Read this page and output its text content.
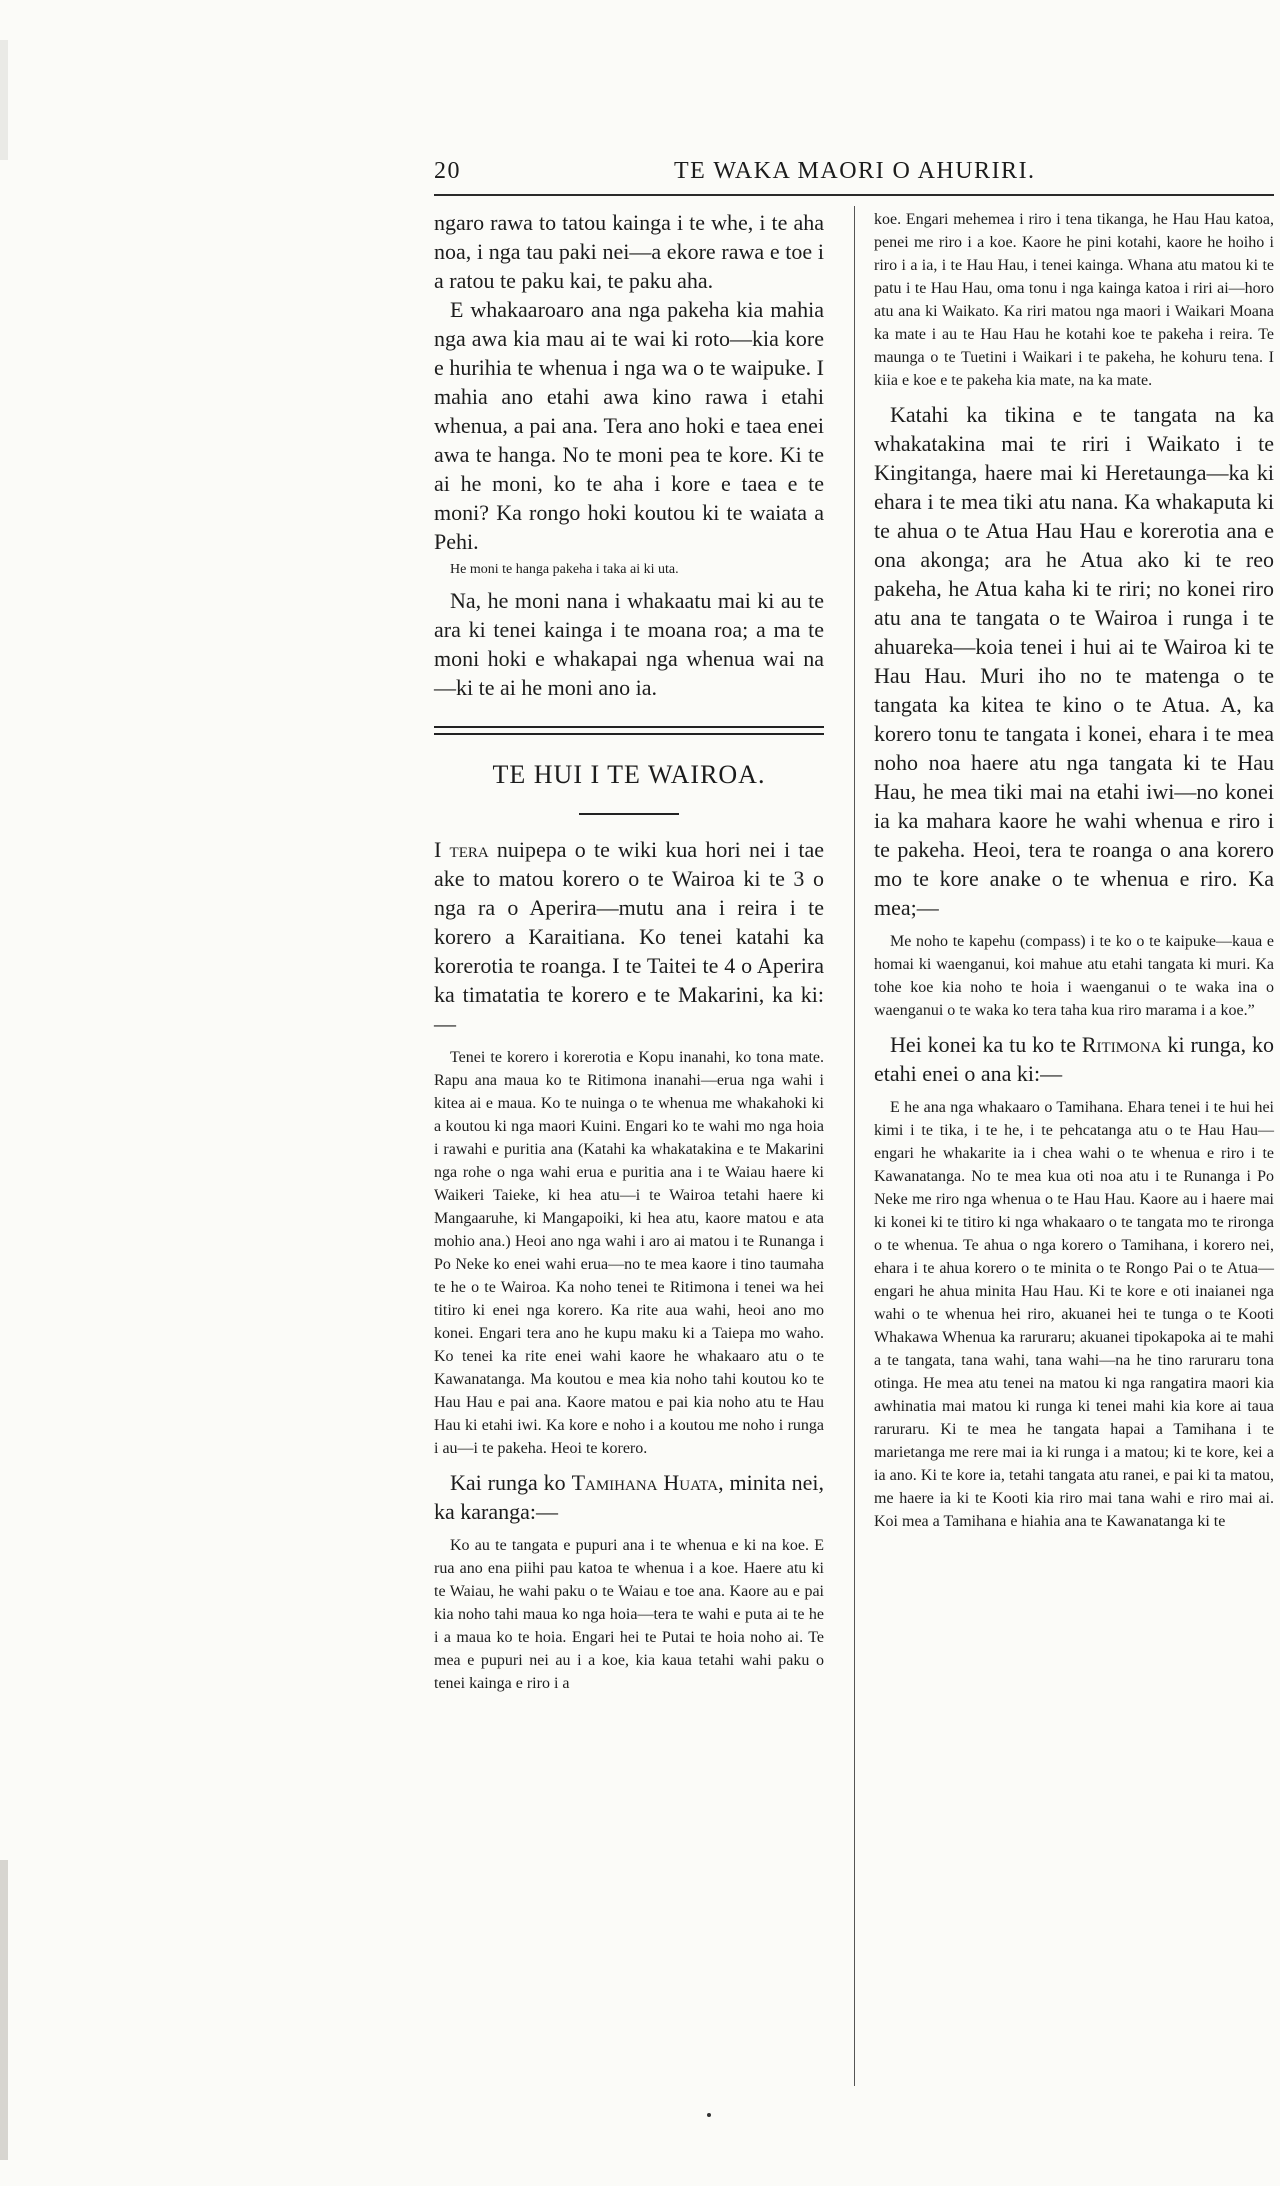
20	TE WAKA MAORI O AHURIRI.

ngaro rawa to tatou kainga i te whe, i te aha noa, i nga tau paki nei—a ekore rawa e toe i a ratou te paku kai, te paku aha.

E whakaaroaro ana nga pakeha kia mahia nga awa kia mau ai te wai ki roto—kia kore e hurihia te whenua i nga wa o te waipuke. I mahia ano etahi awa kino rawa i etahi whenua, a pai ana. Tera ano hoki e taea enei awa te hanga. No te moni pea te kore. Ki te ai he moni, ko te aha i kore e taea e te moni? Ka rongo hoki koutou ki te waiata a Pehi.

He moni te hanga pakeha i taka ai ki uta.

Na, he moni nana i whakaatu mai ki au te ara ki tenei kainga i te moana roa; a ma te moni hoki e whakapai nga whenua wai na—ki te ai he moni ano ia.

TE HUI I TE WAIROA.

I tera nuipepa o te wiki kua hori nei i tae ake to matou korero o te Wairoa ki te 3 o nga ra o Aperira—mutu ana i reira i te korero a Karaitiana. Ko tenei katahi ka korerotia te roanga. I te Taitei te 4 o Aperira ka timatatia te korero e te Makarini, ka ki:—

Tenei te korero i korerotia e Kopu inanahi, ko tona mate. Rapu ana maua ko te Ritimona inanahi—erua nga wahi i kitea ai e maua. Ko te nuinga o te whenua me whakahoki ki a koutou ki nga maori Kuini. Engari ko te wahi mo nga hoia i rawahi e puritia ana (Katahi ka whakatakina e te Makarini nga rohe o nga wahi erua e puritia ana i te Waiau haere ki Waikeri Taieke, ki hea atu—i te Wairoa tetahi haere ki Mangaaruhe, ki Mangapoiki, ki hea atu, kaore matou e ata mohio ana.) Heoi ano nga wahi i aro ai matou i te Runanga i Po Neke ko enei wahi erua—no te mea kaore i tino taumaha te he o te Wairoa. Ka noho tenei te Ritimona i tenei wa hei titiro ki enei nga korero. Ka rite aua wahi, heoi ano mo konei. Engari tera ano he kupu maku ki a Taiepa mo waho. Ko tenei ka rite enei wahi kaore he whakaaro atu o te Kawanatanga. Ma koutou e mea kia noho tahi koutou ko te Hau Hau e pai ana. Kaore matou e pai kia noho atu te Hau Hau ki etahi iwi. Ka kore e noho i a koutou me noho i runga i au—i te pakeha. Heoi te korero.

Kai runga ko Tamihana Huata, minita nei, ka karanga:—

Ko au te tangata e pupuri ana i te whenua e ki na koe. E rua ano ena piihi pau katoa te whenua i a koe. Haere atu ki te Waiau, he wahi paku o te Waiau e toe ana. Kaore au e pai kia noho tahi maua ko nga hoia—tera te wahi e puta ai te he i a maua ko te hoia. Engari hei te Putai te hoia noho ai. Te mea e pupuri nei au i a koe, kia kaua tetahi wahi paku o tenei kainga e riro i a

koe. Engari mehemea i riro i tena tikanga, he Hau Hau katoa, penei me riro i a koe. Kaore he pini kotahi, kaore he hoiho i riro i a ia, i te Hau Hau, i tenei kainga. Whana atu matou ki te patu i te Hau Hau, oma tonu i nga kainga katoa i riri ai—horo atu ana ki Waikato. Ka riri matou nga maori i Waikari Moana ka mate i au te Hau Hau he kotahi koe te pakeha i reira. Te maunga o te Tuetini i Waikari i te pakeha, he kohuru tena. I kiia e koe e te pakeha kia mate, na ka mate.

Katahi ka tikina e te tangata na ka whakatakina mai te riri i Waikato i te Kingitanga, haere mai ki Heretaunga—ka ki ehara i te mea tiki atu nana. Ka whakaputa ki te ahua o te Atua Hau Hau e korerotia ana e ona akonga; ara he Atua ako ki te reo pakeha, he Atua kaha ki te riri; no konei riro atu ana te tangata o te Wairoa i runga i te ahuareka—koia tenei i hui ai te Wairoa ki te Hau Hau. Muri iho no te matenga o te tangata ka kitea te kino o te Atua. A, ka korero tonu te tangata i konei, ehara i te mea noho noa haere atu nga tangata ki te Hau Hau, he mea tiki mai na etahi iwi—no konei ia ka mahara kaore he wahi whenua e riro i te pakeha. Heoi, tera te roanga o ana korero mo te kore anake o te whenua e riro. Ka mea;—

Me noho te kapehu (compass) i te ko o te kaipuke—kaua e homai ki waenganui, koi mahue atu etahi tangata ki muri. Ka tohe koe kia noho te hoia i waenganui o te waka ina o waenganui o te waka ko tera taha kua riro marama i a koe.”

Hei konei ka tu ko te Ritimona ki runga, ko etahi enei o ana ki:—

E he ana nga whakaaro o Tamihana. Ehara tenei i te hui hei kimi i te tika, i te he, i te pehcatanga atu o te Hau Hau—engari he whakarite ia i chea wahi o te whenua e riro i te Kawanatanga. No te mea kua oti noa atu i te Runanga i Po Neke me riro nga whenua o te Hau Hau. Kaore au i haere mai ki konei ki te titiro ki nga whakaaro o te tangata mo te rironga o te whenua. Te ahua o nga korero o Tamihana, i korero nei, ehara i te ahua korero o te minita o te Rongo Pai o te Atua—engari he ahua minita Hau Hau. Ki te kore e oti inaianei nga wahi o te whenua hei riro, akuanei hei te tunga o te Kooti Whakawa Whenua ka raruraru; akuanei tipokapoka ai te mahi a te tangata, tana wahi, tana wahi—na he tino raruraru tona otinga. He mea atu tenei na matou ki nga rangatira maori kia awhinatia mai matou ki runga ki tenei mahi kia kore ai taua raruraru. Ki te mea he tangata hapai a Tamihana i te marietanga me rere mai ia ki runga i a matou; ki te kore, kei a ia ano. Ki te kore ia, tetahi tangata atu ranei, e pai ki ta matou, me haere ia ki te Kooti kia riro mai tana wahi e riro mai ai. Koi mea a Tamihana e hiahia ana te Kawanatanga ki te
